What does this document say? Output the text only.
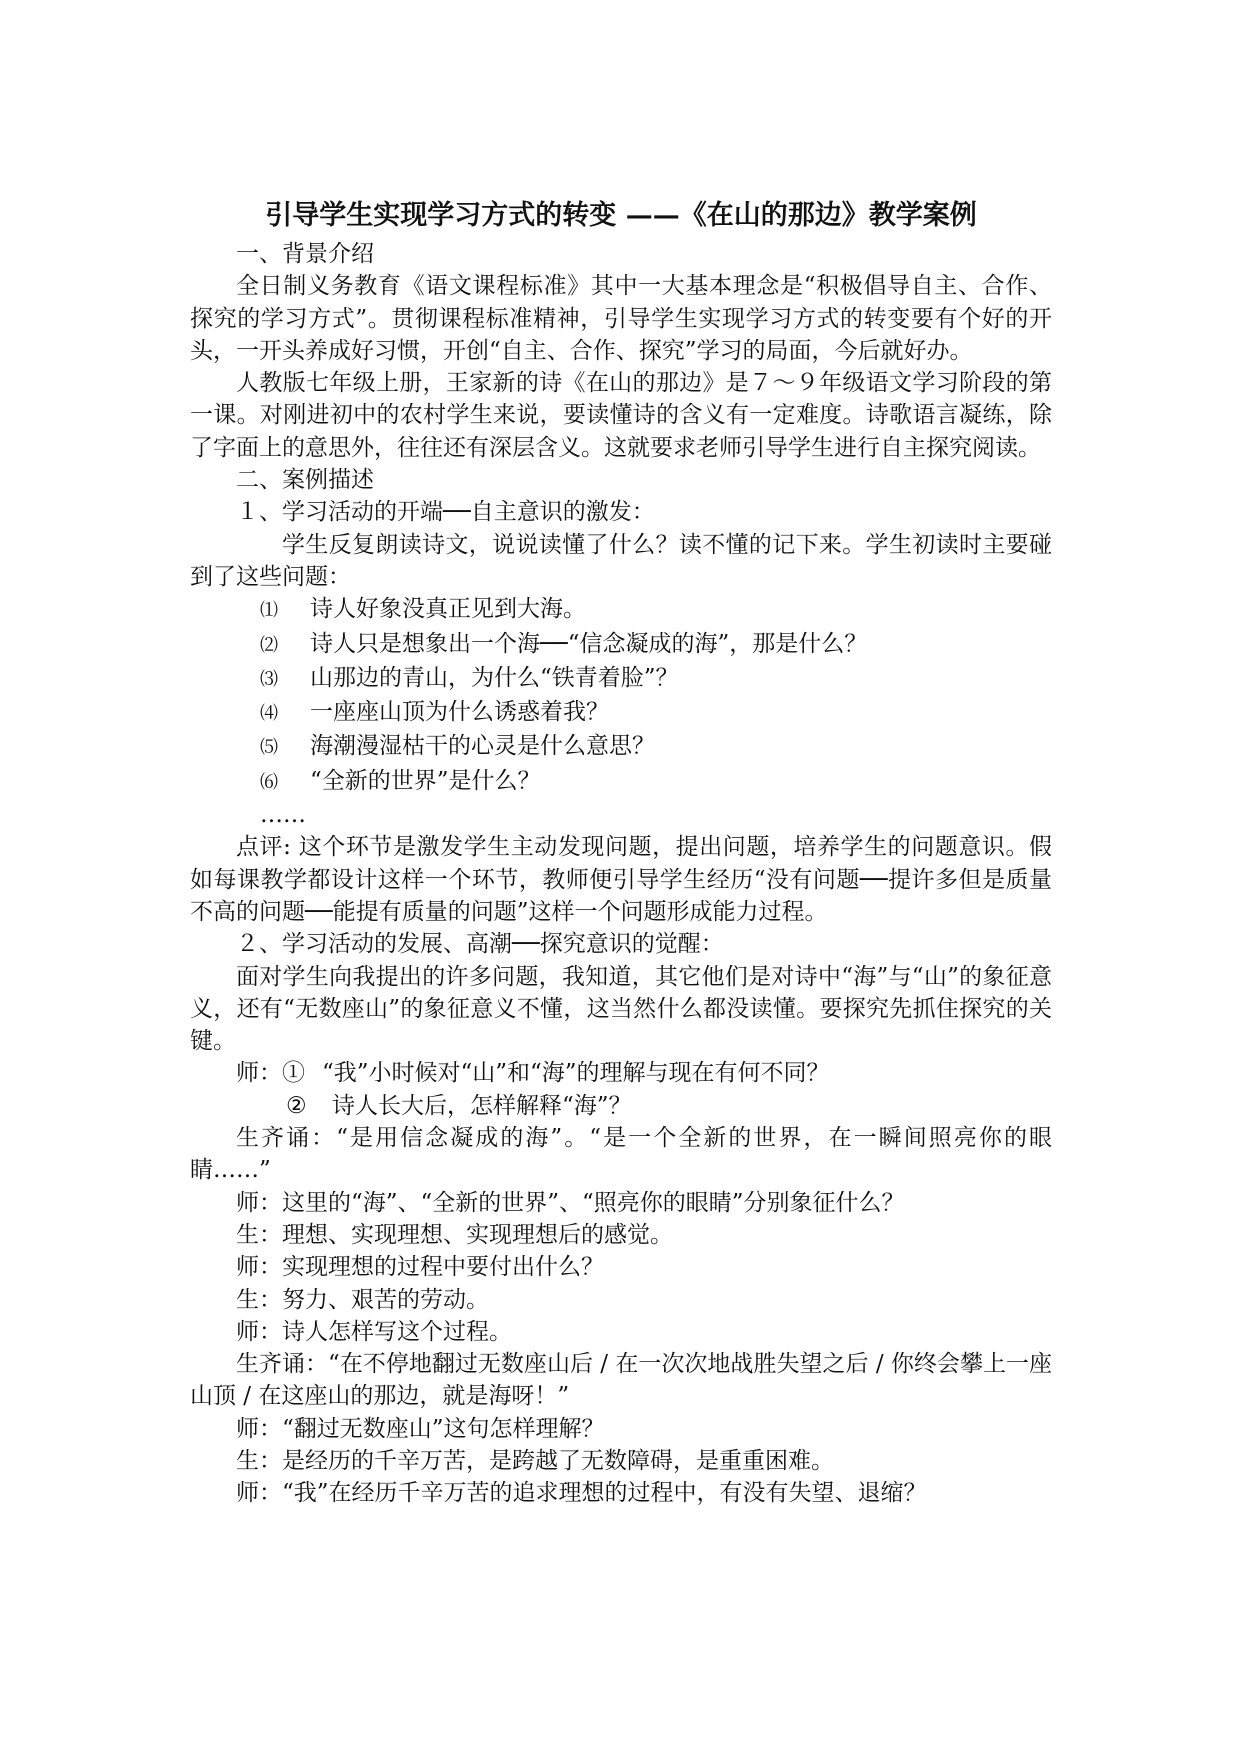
引导学生实现学习方式的转变 ——《在山的那边》教学案例

一、背景介绍

全日制义务教育《语文课程标准》其中一大基本理念是“积极倡导自主、合作、探究的学习方式”。贯彻课程标准精神，引导学生实现学习方式的转变要有个好的开头，一开头养成好习惯，开创“自主、合作、探究”学习的局面，今后就好办。

人教版七年级上册，王家新的诗《在山的那边》是７～９年级语文学习阶段的第一课。对刚进初中的农村学生来说，要读懂诗的含义有一定难度。诗歌语言凝练，除了字面上的意思外，往往还有深层含义。这就要求老师引导学生进行自主探究阅读。

二、案例描述

１、学习活动的开端──自主意识的激发：

学生反复朗读诗文，说说读懂了什么？读不懂的记下来。学生初读时主要碰到了这些问题：

⑴ 诗人好象没真正见到大海。

⑵ 诗人只是想象出一个海──“信念凝成的海”，那是什么？

⑶ 山那边的青山，为什么“铁青着脸”？

⑷ 一座座山顶为什么诱惑着我？

⑸ 海潮漫湿枯干的心灵是什么意思？

⑹ “全新的世界”是什么？

……

点评: 这个环节是激发学生主动发现问题，提出问题，培养学生的问题意识。假如每课教学都设计这样一个环节，教师便引导学生经历“没有问题──提许多但是质量不高的问题──能提有质量的问题”这样一个问题形成能力过程。

２、学习活动的发展、高潮──探究意识的觉醒：

面对学生向我提出的许多问题，我知道，其它他们是对诗中“海”与“山”的象征意义，还有“无数座山”的象征意义不懂，这当然什么都没读懂。要探究先抓住探究的关键。

师：① “我”小时候对“山”和“海”的理解与现在有何不同？

② 诗人长大后，怎样解释“海”？

生齐诵：“是用信念凝成的海”。“是一个全新的世界，在一瞬间照亮你的眼睛……”

师：这里的“海”、“全新的世界”、“照亮你的眼睛”分别象征什么？

生：理想、实现理想、实现理想后的感觉。

师：实现理想的过程中要付出什么？

生：努力、艰苦的劳动。

师：诗人怎样写这个过程。

生齐诵：“在不停地翻过无数座山后 / 在一次次地战胜失望之后 / 你终会攀上一座山顶 / 在这座山的那边，就是海呀！”

师：“翻过无数座山”这句怎样理解？

生：是经历的千辛万苦，是跨越了无数障碍，是重重困难。

师：“我”在经历千辛万苦的追求理想的过程中，有没有失望、退缩？
